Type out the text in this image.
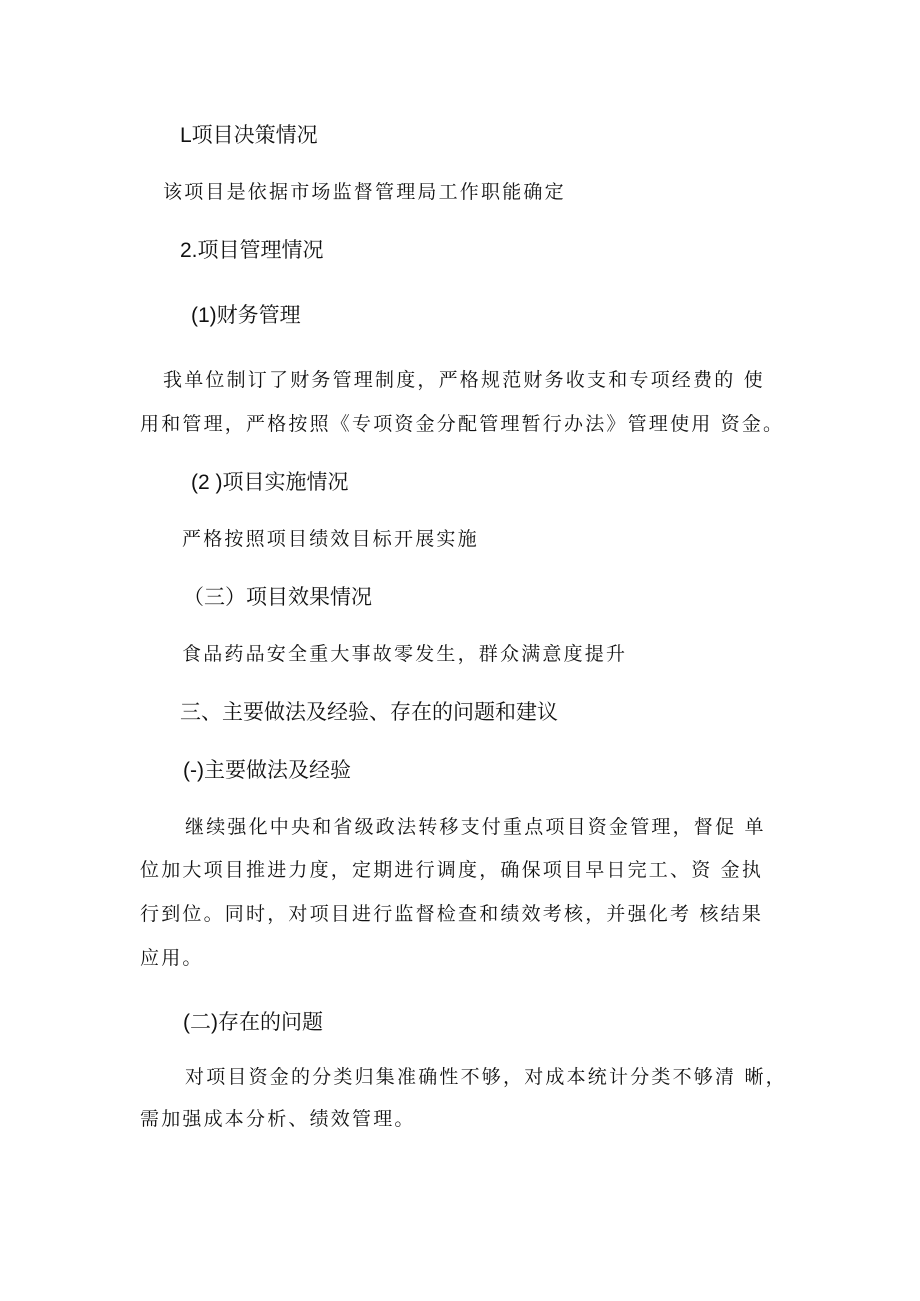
L项目决策情况
该项目是依据市场监督管理局工作职能确定
2.项目管理情况
(1)财务管理
我单位制订了财务管理制度，严格规范财务收支和专项经费的 使
用和管理，严格按照《专项资金分配管理暂行办法》管理使用 资金。
(2 )项目实施情况
严格按照项目绩效目标开展实施
（三）项目效果情况
食品药品安全重大事故零发生，群众满意度提升
三、主要做法及经验、存在的问题和建议
(-)主要做法及经验
继续强化中央和省级政法转移支付重点项目资金管理，督促 单
位加大项目推进力度，定期进行调度，确保项目早日完工、资 金执
行到位。同时，对项目进行监督检查和绩效考核，并强化考 核结果
应用。
(二)存在的问题
对项目资金的分类归集准确性不够，对成本统计分类不够清 晰，
需加强成本分析、绩效管理。
